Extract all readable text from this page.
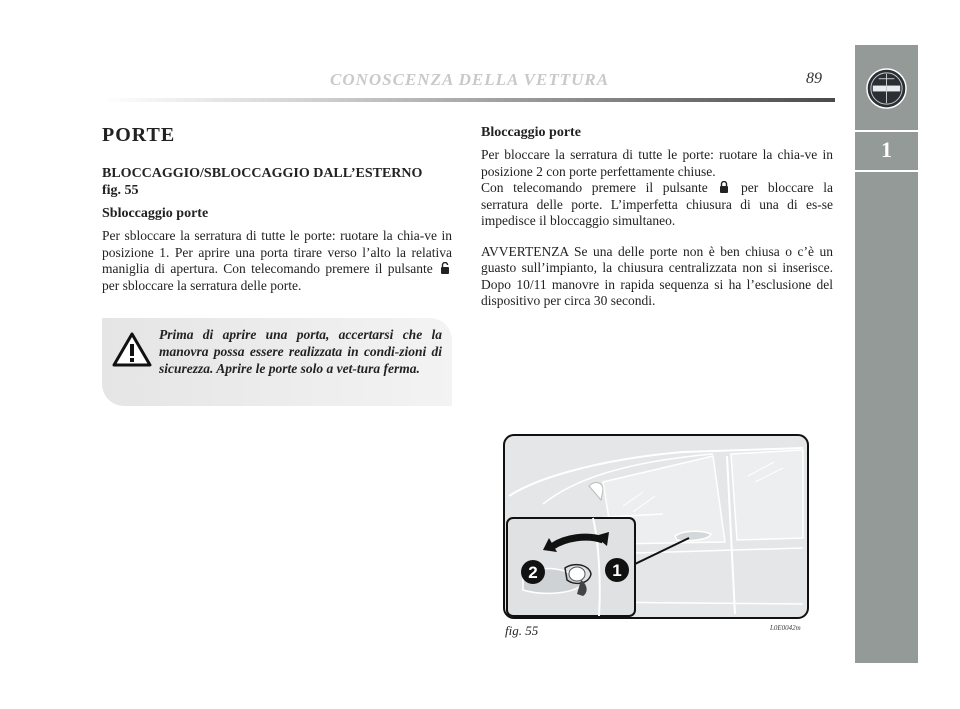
CONOSCENZA DELLA VETTURA	89
1
PORTE

BLOCCAGGIO/SBLOCCAGGIO DALL’ESTERNO
fig. 55

Sbloccaggio porte

Per sbloccare la serratura di tutte le porte: ruotare la chia-ve in posizione 1. Per aprire una porta tirare verso l’alto la relativa maniglia di apertura. Con telecomando premere il pulsante  per sbloccare la serratura delle porte.

Prima di aprire una porta, accertarsi che la manovra possa essere realizzata in condi-zioni di sicurezza. Aprire le porte solo a vet-tura ferma.

Bloccaggio porte

Per bloccare la serratura di tutte le porte: ruotare la chia-ve in posizione 2 con porte perfettamente chiuse.

Con telecomando premere il pulsante per bloccare la serratura delle porte. L’imperfetta chiusura di una di es-se impedisce il bloccaggio simultaneo.

AVVERTENZA Se una delle porte non è ben chiusa o c’è un guasto sull’impianto, la chiusura centralizzata non si inserisce. Dopo 10/11 manovre in rapida sequenza si ha l’esclusione del dispositivo per circa 30 secondi.

2	1
fig. 55	L0E0042m
